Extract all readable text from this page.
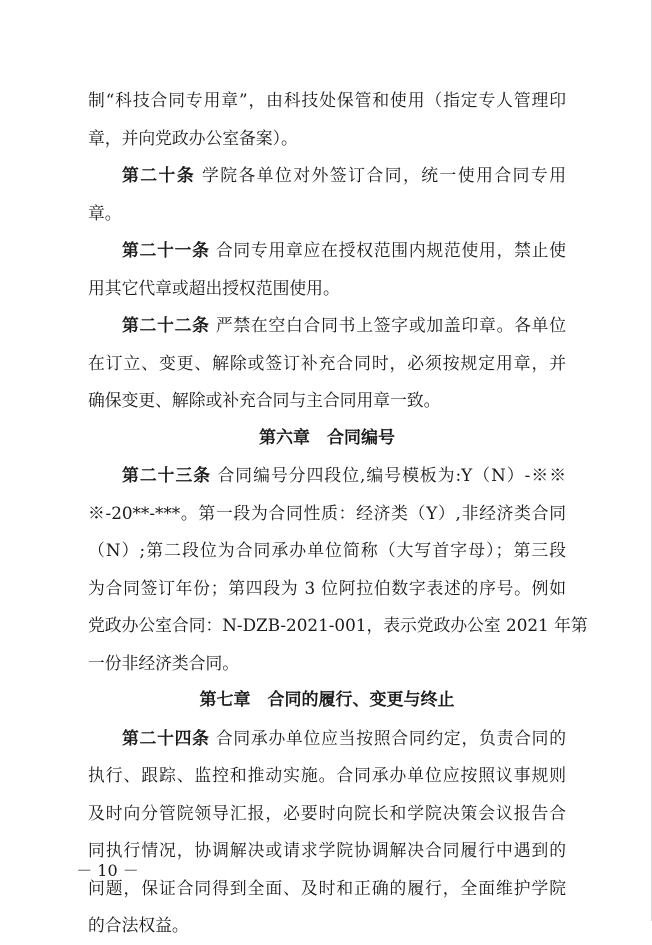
制“科技合同专用章”，由科技处保管和使用（指定专人管理印
章，并向党政办公室备案）。
第二十条 学院各单位对外签订合同，统一使用合同专用
章。
第二十一条 合同专用章应在授权范围内规范使用，禁止使
用其它代章或超出授权范围使用。
第二十二条 严禁在空白合同书上签字或加盖印章。各单位
在订立、变更、解除或签订补充合同时，必须按规定用章，并
确保变更、解除或补充合同与主合同用章一致。
第六章　合同编号
第二十三条 合同编号分四段位,编号模板为:Y（N）-※※
※-20**-***。第一段为合同性质：经济类（Y）,非经济类合同
（N）;第二段位为合同承办单位简称（大写首字母）；第三段
为合同签订年份；第四段为 3 位阿拉伯数字表述的序号。例如
党政办公室合同：N-DZB-2021-001，表示党政办公室 2021 年第
一份非经济类合同。
第七章　合同的履行、变更与终止
第二十四条 合同承办单位应当按照合同约定，负责合同的
执行、跟踪、监控和推动实施。合同承办单位应按照议事规则
及时向分管院领导汇报，必要时向院长和学院决策会议报告合
同执行情况，协调解决或请求学院协调解决合同履行中遇到的
问题，保证合同得到全面、及时和正确的履行，全面维护学院
的合法权益。
－ 10 －
